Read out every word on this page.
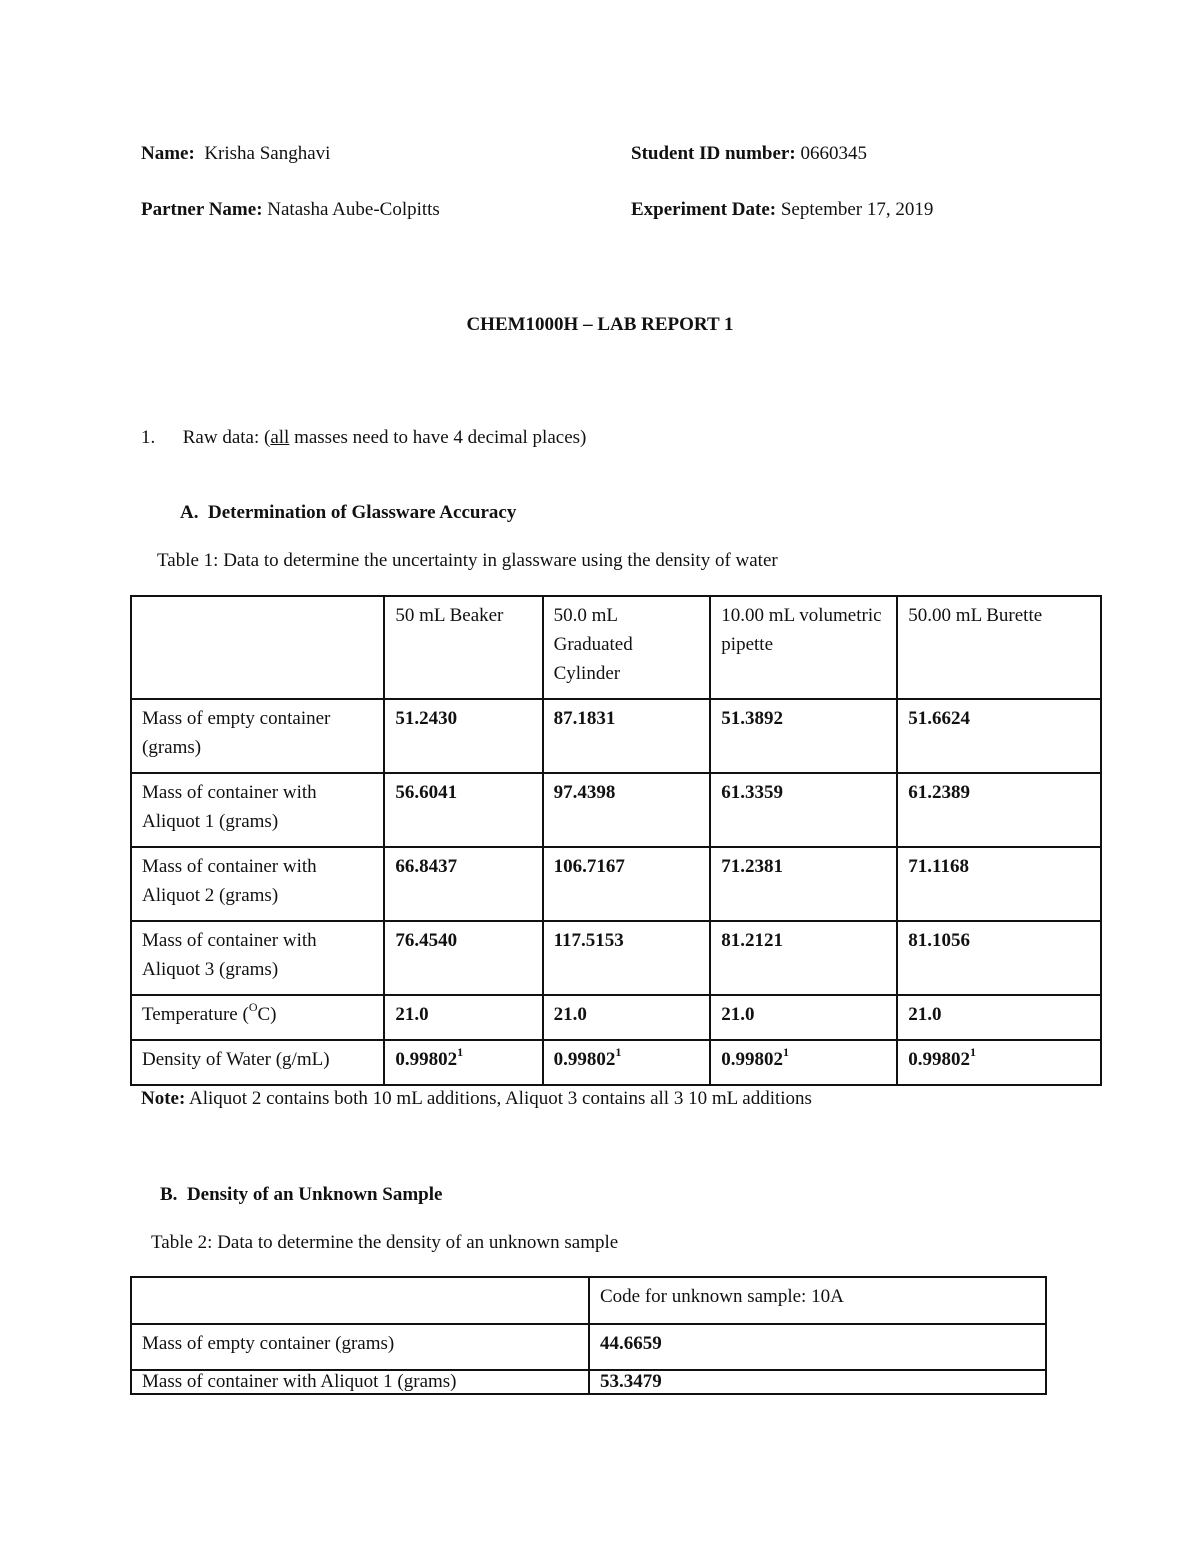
Name: Krisha Sanghavi	Student ID number: 0660345
Partner Name: Natasha Aube-Colpitts	Experiment Date: September 17, 2019
CHEM1000H – LAB REPORT 1
1. Raw data: (all masses need to have 4 decimal places)
A. Determination of Glassware Accuracy
Table 1: Data to determine the uncertainty in glassware using the density of water
	50 mL Beaker	50.0 mL Graduated Cylinder	10.00 mL volumetric pipette	50.00 mL Burette
Mass of empty container (grams)	51.2430	87.1831	51.3892	51.6624
Mass of container with Aliquot 1 (grams)	56.6041	97.4398	61.3359	61.2389
Mass of container with Aliquot 2 (grams)	66.8437	106.7167	71.2381	71.1168
Mass of container with Aliquot 3 (grams)	76.4540	117.5153	81.2121	81.1056
Temperature ($^O$C)	21.0	21.0	21.0	21.0
Density of Water (g/mL)	0.99802$^1$	0.99802$^1$	0.99802$^1$	0.99802$^1$
Note: Aliquot 2 contains both 10 mL additions, Aliquot 3 contains all 3 10 mL additions
B. Density of an Unknown Sample
Table 2: Data to determine the density of an unknown sample
	Code for unknown sample: 10A
Mass of empty container (grams)	44.6659
Mass of container with Aliquot 1 (grams)	53.3479
